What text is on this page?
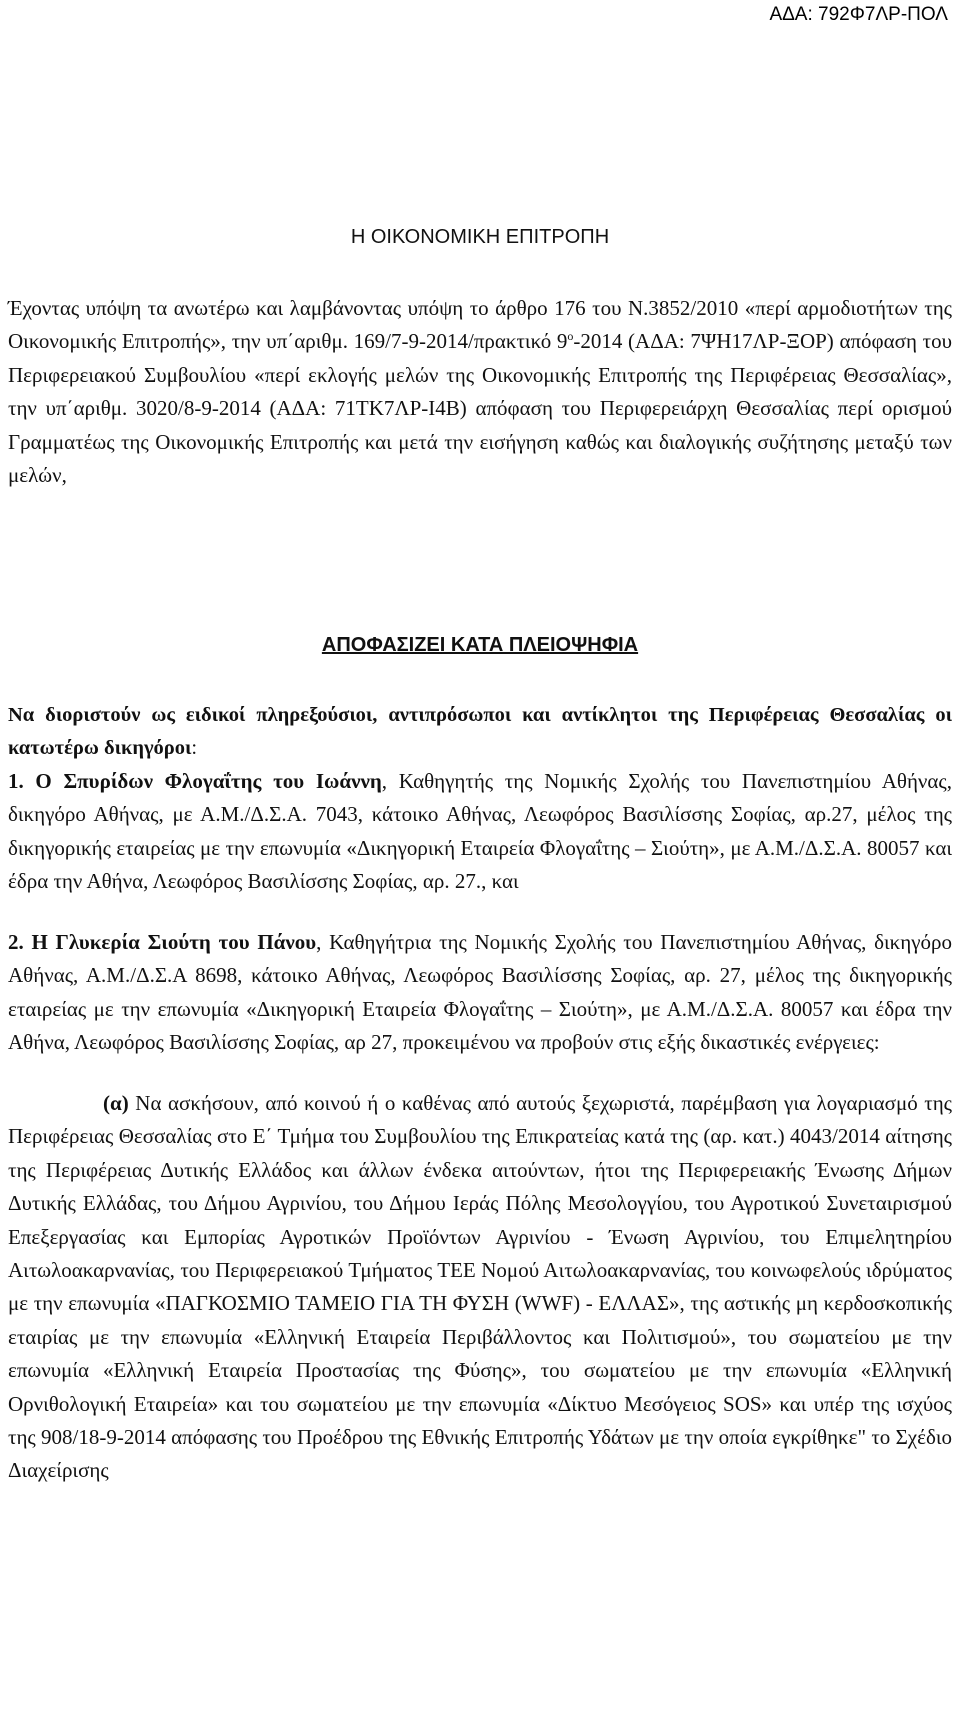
ΑΔΑ: 792Φ7ΛΡ-ΠΟΛ
Η ΟΙΚΟΝΟΜΙΚΗ ΕΠΙΤΡΟΠΗ
Έχοντας υπόψη τα ανωτέρω και λαμβάνοντας υπόψη το άρθρο 176 του Ν.3852/2010 «περί αρμοδιοτήτων της Οικονομικής Επιτροπής», την υπ΄αριθμ. 169/7-9-2014/πρακτικό $9^o-2014$ (ΑΔΑ: 7ΨΗ17ΛΡ-ΞΟΡ) απόφαση του Περιφερειακού Συμβουλίου «περί εκλογής μελών της Οικονομικής Επιτροπής της Περιφέρειας Θεσσαλίας», την υπ΄αριθμ. 3020/8-9-2014 (ΑΔΑ: 71ΤΚ7ΛΡ-Ι4Β) απόφαση του Περιφερειάρχη Θεσσαλίας περί ορισμού Γραμματέως της Οικονομικής Επιτροπής και μετά την εισήγηση καθώς και διαλογικής συζήτησης μεταξύ των μελών,
ΑΠΟΦΑΣΙΖΕΙ ΚΑΤΑ ΠΛΕΙΟΨΗΦΙΑ
Να διοριστούν ως ειδικοί πληρεξούσιοι, αντιπρόσωποι και αντίκλητοι της Περιφέρειας Θεσσαλίας οι κατωτέρω δικηγόροι:
1. Ο Σπυρίδων Φλογαΐτης του Ιωάννη, Καθηγητής της Νομικής Σχολής του Πανεπιστημίου Αθήνας, δικηγόρο Αθήνας, με Α.Μ./Δ.Σ.Α. 7043, κάτοικο Αθήνας, Λεωφόρος Βασιλίσσης Σοφίας, αρ.27, μέλος της δικηγορικής εταιρείας με την επωνυμία «Δικηγορική Εταιρεία Φλογαΐτης – Σιούτη», με Α.Μ./Δ.Σ.Α. 80057 και έδρα την Αθήνα, Λεωφόρος Βασιλίσσης Σοφίας, αρ. 27., και
2. Η Γλυκερία Σιούτη του Πάνου, Καθηγήτρια της Νομικής Σχολής του Πανεπιστημίου Αθήνας, δικηγόρο Αθήνας, Α.Μ./Δ.Σ.Α 8698, κάτοικο Αθήνας, Λεωφόρος Βασιλίσσης Σοφίας, αρ. 27, μέλος της δικηγορικής εταιρείας με την επωνυμία «Δικηγορική Εταιρεία Φλογαΐτης – Σιούτη», με Α.Μ./Δ.Σ.Α. 80057 και έδρα την Αθήνα, Λεωφόρος Βασιλίσσης Σοφίας, αρ 27, προκειμένου να προβούν στις εξής δικαστικές ενέργειες:
(α) Να ασκήσουν, από κοινού ή ο καθένας από αυτούς ξεχωριστά, παρέμβαση για λογαριασμό της Περιφέρειας Θεσσαλίας στο Ε΄ Τμήμα του Συμβουλίου της Επικρατείας κατά της (αρ. κατ.) 4043/2014 αίτησης της Περιφέρειας Δυτικής Ελλάδος και άλλων ένδεκα αιτούντων, ήτοι της Περιφερειακής Ένωσης Δήμων Δυτικής Ελλάδας, του Δήμου Αγρινίου, του Δήμου Ιεράς Πόλης Μεσολογγίου, του Αγροτικού Συνεταιρισμού Επεξεργασίας και Εμπορίας Αγροτικών Προϊόντων Αγρινίου - Ένωση Αγρινίου, του Επιμελητηρίου Αιτωλοακαρνανίας, του Περιφερειακού Τμήματος ΤΕΕ Νομού Αιτωλοακαρνανίας, του κοινωφελούς ιδρύματος με την επωνυμία «ΠΑΓΚΟΣΜΙΟ ΤΑΜΕΙΟ ΓΙΑ ΤΗ ΦΥΣΗ (WWF) - ΕΛΛΑΣ», της αστικής μη κερδοσκοπικής εταιρίας με την επωνυμία «Ελληνική Εταιρεία Περιβάλλοντος και Πολιτισμού», του σωματείου με την επωνυμία «Ελληνική Εταιρεία Προστασίας της Φύσης», του σωματείου με την επωνυμία «Ελληνική Ορνιθολογική Εταιρεία» και του σωματείου με την επωνυμία «Δίκτυο Μεσόγειος SOS» και υπέρ της ισχύος της 908/18-9-2014 απόφασης του Προέδρου της Εθνικής Επιτροπής Υδάτων με την οποία εγκρίθηκε" το Σχέδιο Διαχείρισης
